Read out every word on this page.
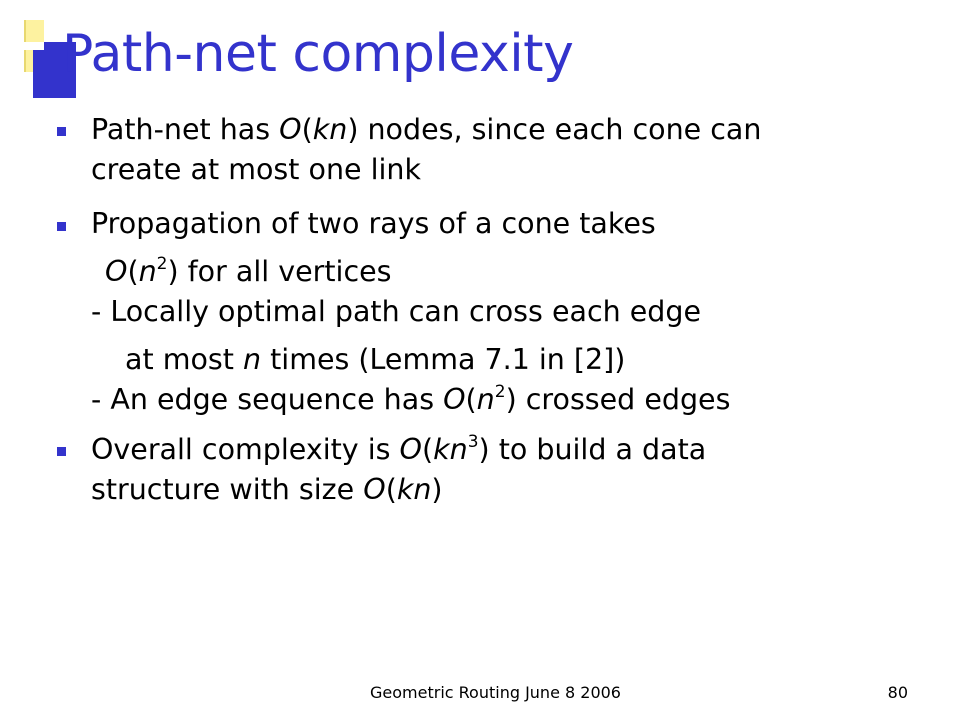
Path-net complexity
Path-net has O(kn) nodes, since each cone can
create at most one link
Propagation of two rays of a cone takes
$O(n^2)$ for all vertices
- Locally optimal path can cross each edge
at most n times (Lemma 7.1 in [2])
- An edge sequence has $O(n^2)$ crossed edges
Overall complexity is $O(kn^3)$ to build a data
structure with size O(kn)
Geometric Routing June 8 2006	80
